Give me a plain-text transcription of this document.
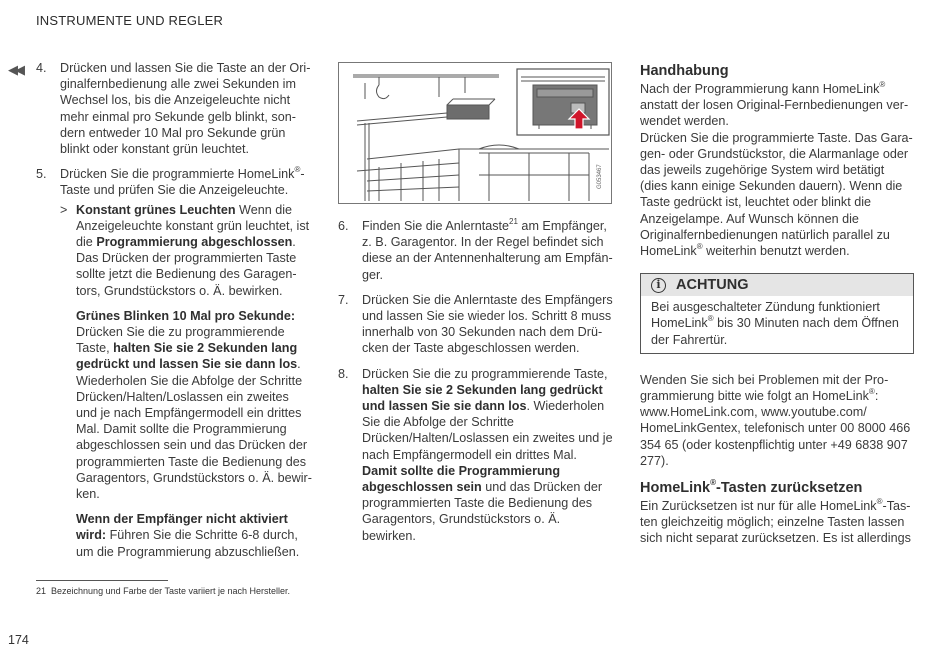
INSTRUMENTE UND REGLER
◀◀ 4. Drücken und lassen Sie die Taste an der Originalfernbedienung alle zwei Sekunden im Wechsel los, bis die Anzeigeleuchte nicht mehr einmal pro Sekunde gelb blinkt, sondern entweder 10 Mal pro Sekunde grün blinkt oder konstant grün leuchtet.

5. Drücken Sie die programmierte HomeLink®-Taste und prüfen Sie die Anzeigeleuchte.

> Konstant grünes Leuchten Wenn die Anzeigeleuchte konstant grün leuchtet, ist die Programmierung abgeschlossen. Das Drücken der programmierten Taste sollte jetzt die Bedienung des Garagentors, Grundstückstors o. Ä. bewirken.

Grünes Blinken 10 Mal pro Sekunde: Drücken Sie die zu programmierende Taste, halten Sie sie 2 Sekunden lang gedrückt und lassen Sie sie dann los. Wiederholen Sie die Abfolge der Schritte Drücken/Halten/Loslassen ein zweites und je nach Empfängermodell ein drittes Mal. Damit sollte die Programmierung abgeschlossen sein und das Drücken der programmierten Taste die Bedienung des Garagentors, Grundstückstors o. Ä. bewirken.

Wenn der Empfänger nicht aktiviert wird: Führen Sie die Schritte 6-8 durch, um die Programmierung abzuschließen.

G053467
6. Finden Sie die Anlerntaste$^{21}$ am Empfänger, z. B. Garagentor. In der Regel befindet sich diese an der Antennenhalterung am Empfänger.

7. Drücken Sie die Anlerntaste des Empfängers und lassen Sie sie wieder los. Schritt 8 muss innerhalb von 30 Sekunden nach dem Drücken der Taste abgeschlossen werden.

8. Drücken Sie die zu programmierende Taste, halten Sie sie 2 Sekunden lang gedrückt und lassen Sie sie dann los. Wiederholen Sie die Abfolge der Schritte Drücken/Halten/Loslassen ein zweites und je nach Empfängermodell ein drittes Mal. Damit sollte die Programmierung abgeschlossen sein und das Drücken der programmierten Taste die Bedienung des Garagentors, Grundstückstors o. Ä. bewirken.

Handhabung

Nach der Programmierung kann HomeLink® anstatt der losen Original-Fernbedienungen verwendet werden.

Drücken Sie die programmierte Taste. Das Garagen- oder Grundstückstor, die Alarmanlage oder das jeweils zugehörige System wird betätigt (dies kann einige Sekunden dauern). Wenn die Taste gedrückt ist, leuchtet oder blinkt die Anzeigelampe. Auf Wunsch können die Originalfernbedienungen natürlich parallel zu HomeLink® weiterhin benutzt werden.

i	ACHTUNG

Bei ausgeschalteter Zündung funktioniert HomeLink® bis 30 Minuten nach dem Öffnen der Fahrertür.

Wenden Sie sich bei Problemen mit der Programmierung bitte wie folgt an HomeLink®: www.HomeLink.com, www.youtube.com/ HomeLinkGentex, telefonisch unter 00 8000 466 354 65 (oder kostenpflichtig unter +49 6838 907 277).

HomeLink®-Tasten zurücksetzen

Ein Zurücksetzen ist nur für alle HomeLink®-Tasten gleichzeitig möglich; einzelne Tasten lassen sich nicht separat zurücksetzen. Es ist allerdings

21 Bezeichnung und Farbe der Taste variiert je nach Hersteller.
174
